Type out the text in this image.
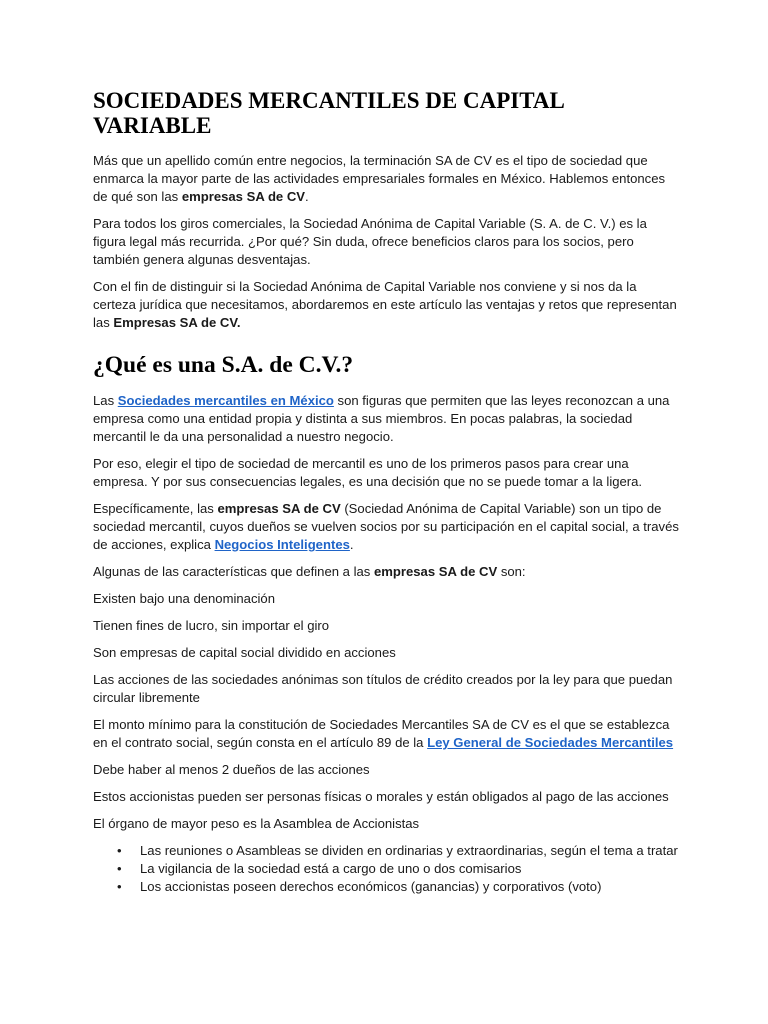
SOCIEDADES MERCANTILES DE CAPITAL VARIABLE

Más que un apellido común entre negocios, la terminación SA de CV es el tipo de sociedad que enmarca la mayor parte de las actividades empresariales formales en México. Hablemos entonces de qué son las empresas SA de CV.

Para todos los giros comerciales, la Sociedad Anónima de Capital Variable (S. A. de C. V.) es la figura legal más recurrida. ¿Por qué? Sin duda, ofrece beneficios claros para los socios, pero también genera algunas desventajas.

Con el fin de distinguir si la Sociedad Anónima de Capital Variable nos conviene y si nos da la certeza jurídica que necesitamos, abordaremos en este artículo las ventajas y retos que representan las Empresas SA de CV.

¿Qué es una S.A. de C.V.?

Las Sociedades mercantiles en México son figuras que permiten que las leyes reconozcan a una empresa como una entidad propia y distinta a sus miembros. En pocas palabras, la sociedad mercantil le da una personalidad a nuestro negocio.

Por eso, elegir el tipo de sociedad de mercantil es uno de los primeros pasos para crear una empresa. Y por sus consecuencias legales, es una decisión que no se puede tomar a la ligera.

Específicamente, las empresas SA de CV (Sociedad Anónima de Capital Variable) son un tipo de sociedad mercantil, cuyos dueños se vuelven socios por su participación en el capital social, a través de acciones, explica Negocios Inteligentes.

Algunas de las características que definen a las empresas SA de CV son:

Existen bajo una denominación

Tienen fines de lucro, sin importar el giro

Son empresas de capital social dividido en acciones

Las acciones de las sociedades anónimas son títulos de crédito creados por la ley para que puedan circular libremente

El monto mínimo para la constitución de Sociedades Mercantiles SA de CV es el que se establezca en el contrato social, según consta en el artículo 89 de la Ley General de Sociedades Mercantiles

Debe haber al menos 2 dueños de las acciones

Estos accionistas pueden ser personas físicas o morales y están obligados al pago de las acciones

El órgano de mayor peso es la Asamblea de Accionistas

• Las reuniones o Asambleas se dividen en ordinarias y extraordinarias, según el tema a tratar
• La vigilancia de la sociedad está a cargo de uno o dos comisarios
• Los accionistas poseen derechos económicos (ganancias) y corporativos (voto)
